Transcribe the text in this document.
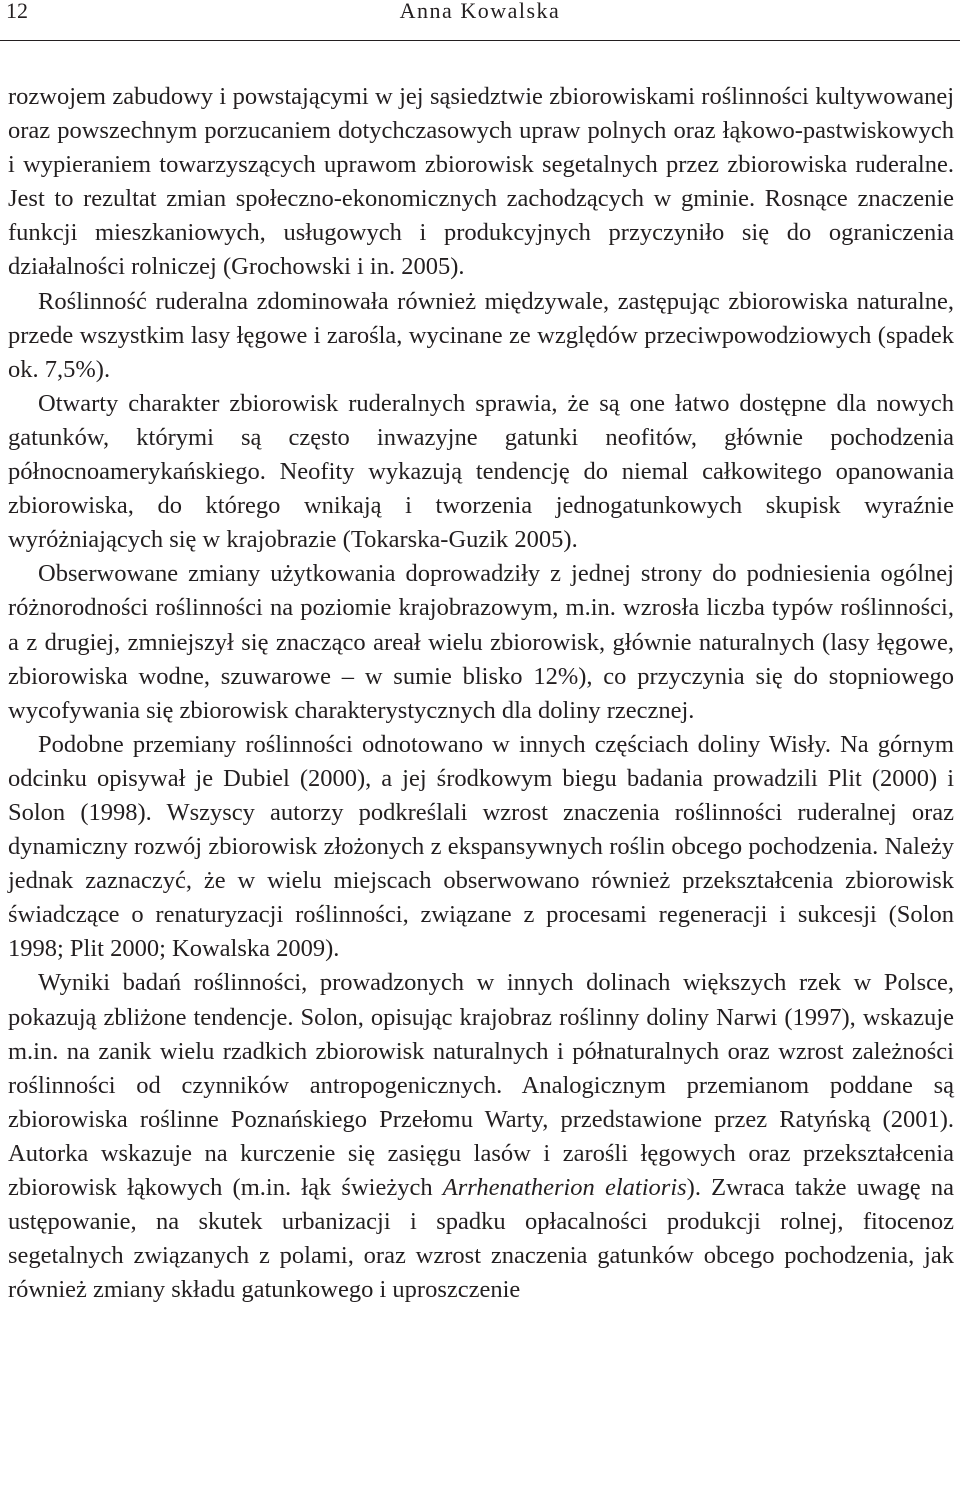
12	Anna Kowalska

rozwojem zabudowy i powstającymi w jej sąsiedztwie zbiorowiskami roślinności kultywowanej oraz powszechnym porzucaniem dotychczasowych upraw polnych oraz łąkowo-pastwiskowych i wypieraniem towarzyszących uprawom zbiorowisk segetalnych przez zbiorowiska ruderalne. Jest to rezultat zmian społeczno-ekonomicznych zachodzących w gminie. Rosnące znaczenie funkcji mieszkaniowych, usługowych i produkcyjnych przyczyniło się do ograniczenia działalności rolniczej (Grochowski i in. 2005).

Roślinność ruderalna zdominowała również międzywale, zastępując zbiorowiska naturalne, przede wszystkim lasy łęgowe i zarośla, wycinane ze względów przeciwpowodziowych (spadek ok. 7,5%).

Otwarty charakter zbiorowisk ruderalnych sprawia, że są one łatwo dostępne dla nowych gatunków, którymi są często inwazyjne gatunki neofitów, głównie pochodzenia północnoamerykańskiego. Neofity wykazują tendencję do niemal całkowitego opanowania zbiorowiska, do którego wnikają i tworzenia jednogatunkowych skupisk wyraźnie wyróżniających się w krajobrazie (Tokarska-Guzik 2005).

Obserwowane zmiany użytkowania doprowadziły z jednej strony do podniesienia ogólnej różnorodności roślinności na poziomie krajobrazowym, m.in. wzrosła liczba typów roślinności, a z drugiej, zmniejszył się znacząco areał wielu zbiorowisk, głównie naturalnych (lasy łęgowe, zbiorowiska wodne, szuwarowe – w sumie blisko 12%), co przyczynia się do stopniowego wycofywania się zbiorowisk charakterystycznych dla doliny rzecznej.

Podobne przemiany roślinności odnotowano w innych częściach doliny Wisły. Na górnym odcinku opisywał je Dubiel (2000), a jej środkowym biegu badania prowadzili Plit (2000) i Solon (1998). Wszyscy autorzy podkreślali wzrost znaczenia roślinności ruderalnej oraz dynamiczny rozwój zbiorowisk złożonych z ekspansywnych roślin obcego pochodzenia. Należy jednak zaznaczyć, że w wielu miejscach obserwowano również przekształcenia zbiorowisk świadczące o renaturyzacji roślinności, związane z procesami regeneracji i sukcesji (Solon 1998; Plit 2000; Kowalska 2009).

Wyniki badań roślinności, prowadzonych w innych dolinach większych rzek w Polsce, pokazują zbliżone tendencje. Solon, opisując krajobraz roślinny doliny Narwi (1997), wskazuje m.in. na zanik wielu rzadkich zbiorowisk naturalnych i półnaturalnych oraz wzrost zależności roślinności od czynników antropogenicznych. Analogicznym przemianom poddane są zbiorowiska roślinne Poznańskiego Przełomu Warty, przedstawione przez Ratyńską (2001). Autorka wskazuje na kurczenie się zasięgu lasów i zarośli łęgowych oraz przekształcenia zbiorowisk łąkowych (m.in. łąk świeżych Arrhenatherion elatioris). Zwraca także uwagę na ustępowanie, na skutek urbanizacji i spadku opłacalności produkcji rolnej, fitocenoz segetalnych związanych z polami, oraz wzrost znaczenia gatunków obcego pochodzenia, jak również zmiany składu gatunkowego i uproszczenie
